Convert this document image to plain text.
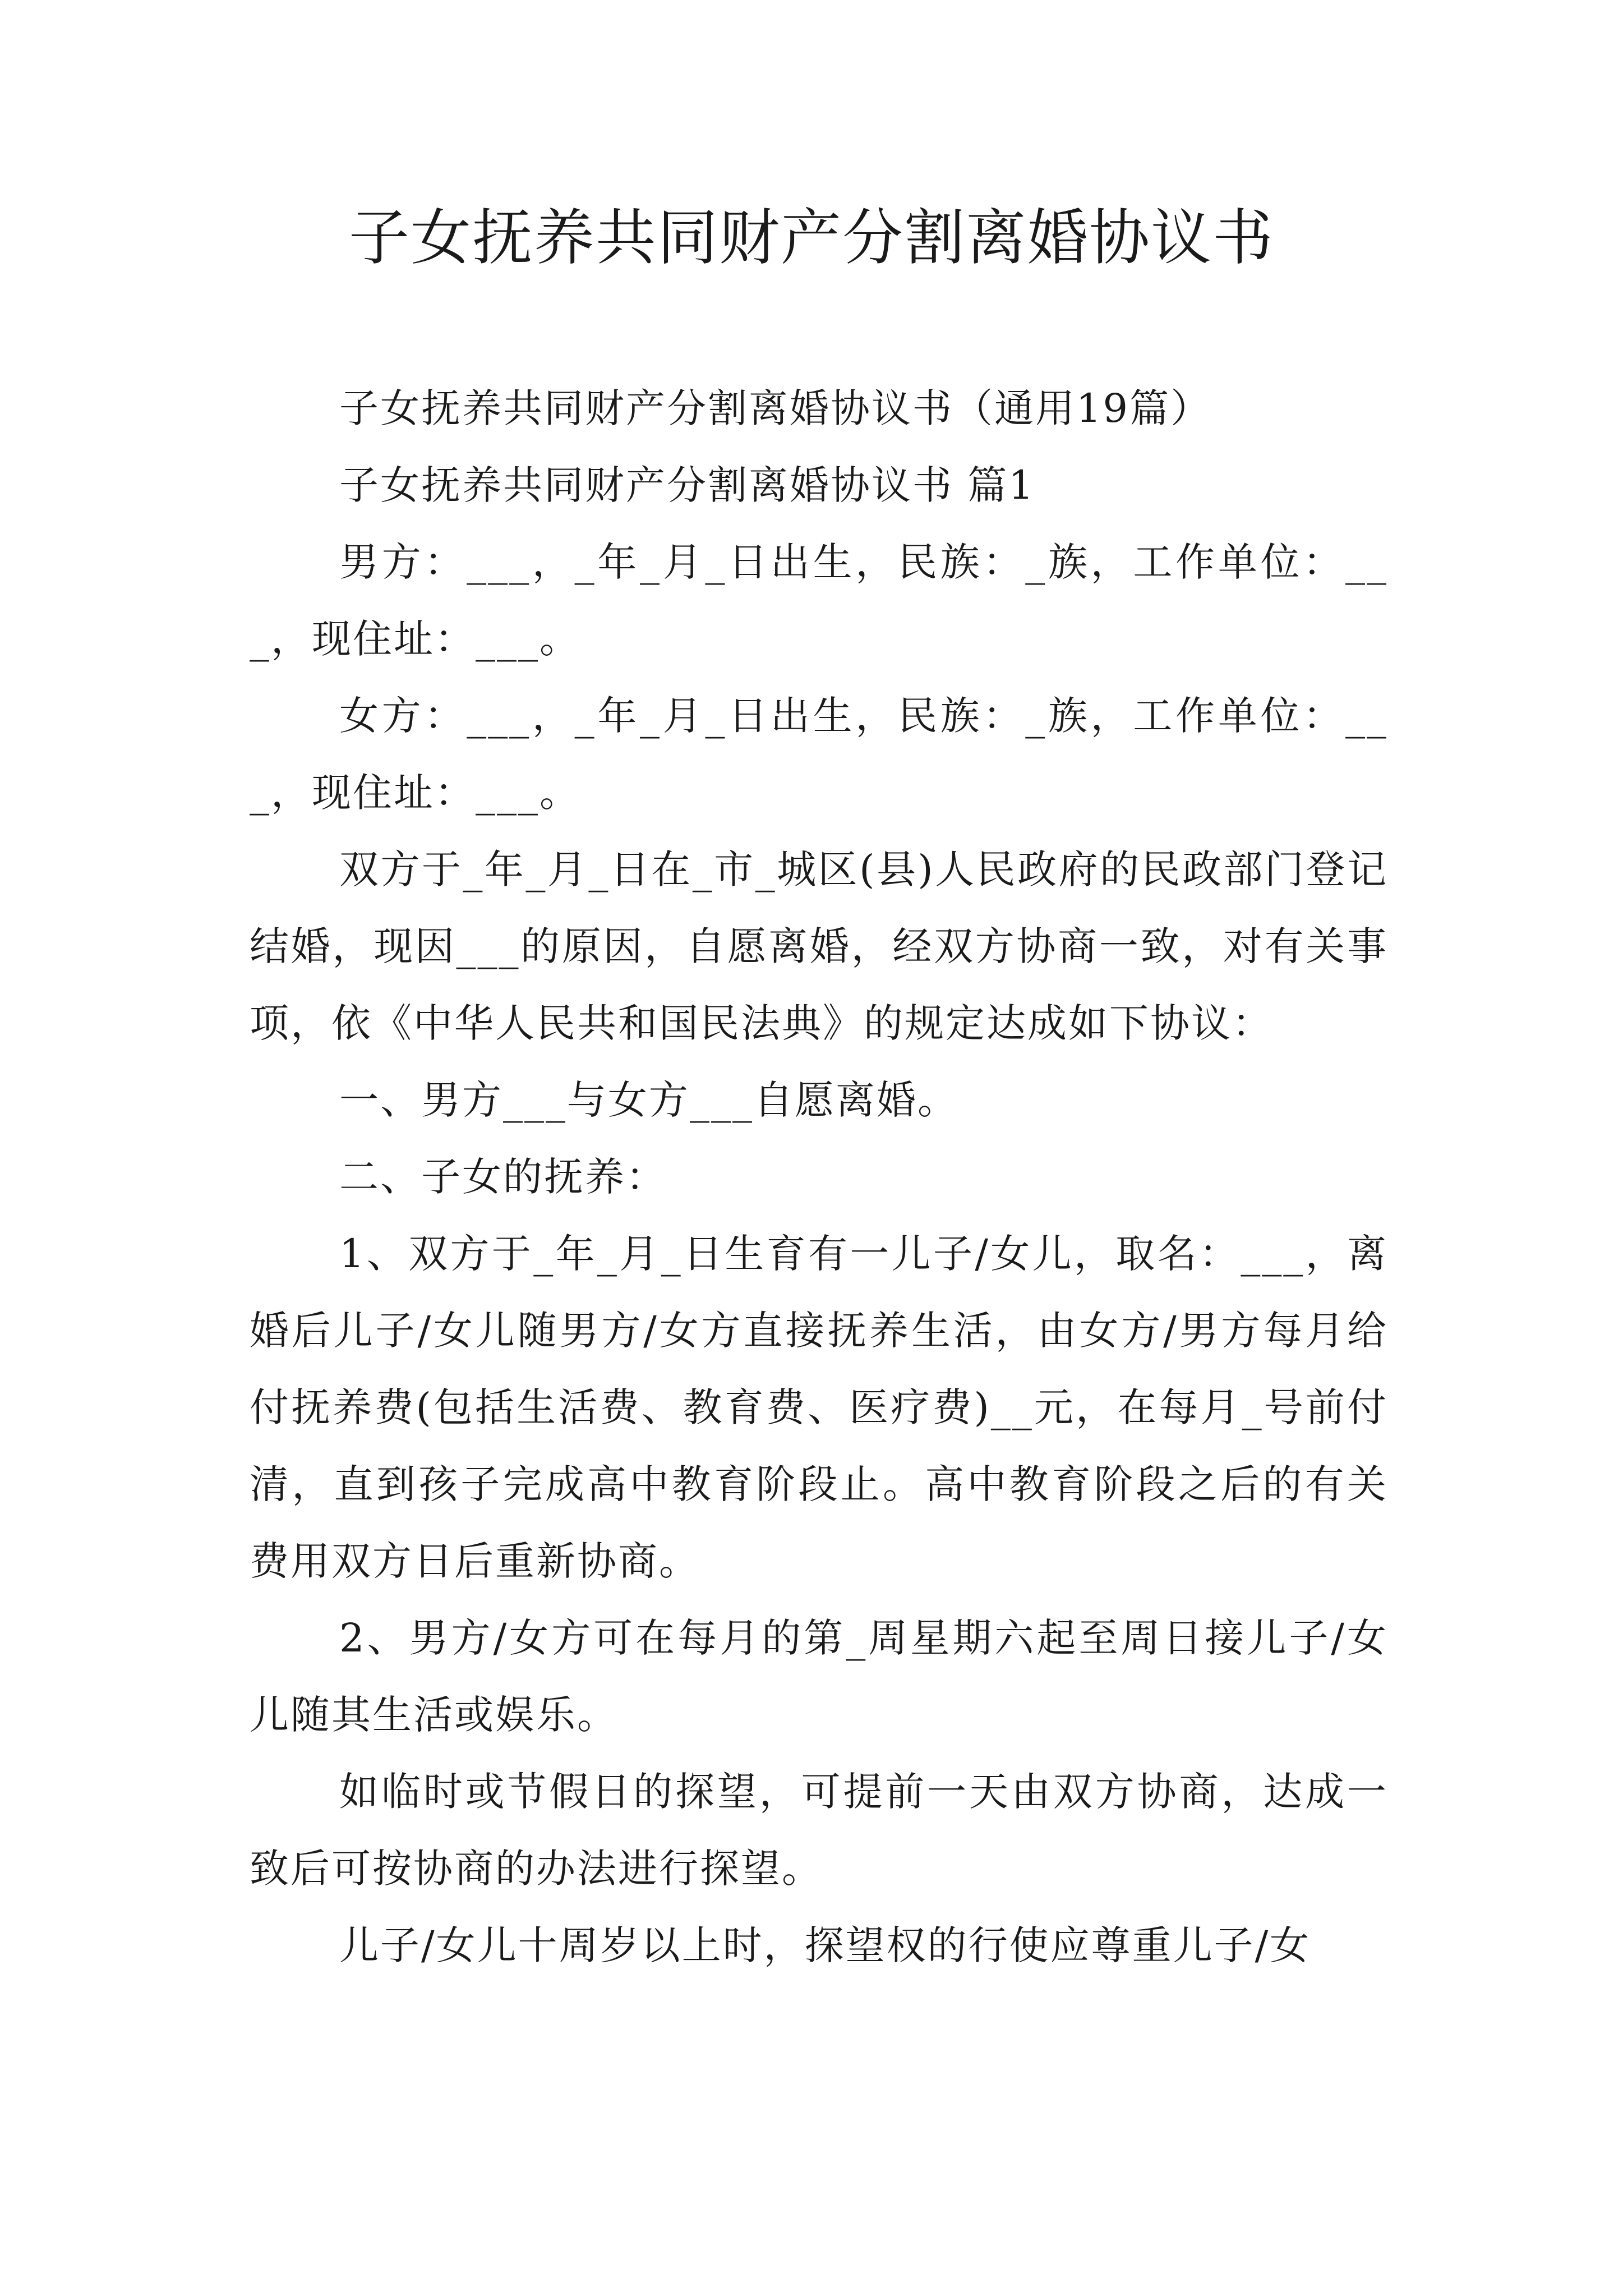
子女抚养共同财产分割离婚协议书

子女抚养共同财产分割离婚协议书（通用19篇）

子女抚养共同财产分割离婚协议书 篇1

男方：___，_年_月_日出生，民族：_族，工作单位：___，现住址：___。

女方：___，_年_月_日出生，民族：_族，工作单位：___，现住址：___。

双方于_年_月_日在_市_城区(县)人民政府的民政部门登记结婚，现因___的原因，自愿离婚，经双方协商一致，对有关事项，依《中华人民共和国民法典》的规定达成如下协议：

一、男方___与女方___自愿离婚。

二、子女的抚养：

1、双方于_年_月_日生育有一儿子/女儿，取名：___，离婚后儿子/女儿随男方/女方直接抚养生活，由女方/男方每月给付抚养费(包括生活费、教育费、医疗费)__元，在每月_号前付清，直到孩子完成高中教育阶段止。高中教育阶段之后的有关费用双方日后重新协商。

2、男方/女方可在每月的第_周星期六起至周日接儿子/女儿随其生活或娱乐。

如临时或节假日的探望，可提前一天由双方协商，达成一致后可按协商的办法进行探望。

儿子/女儿十周岁以上时，探望权的行使应尊重儿子/女
